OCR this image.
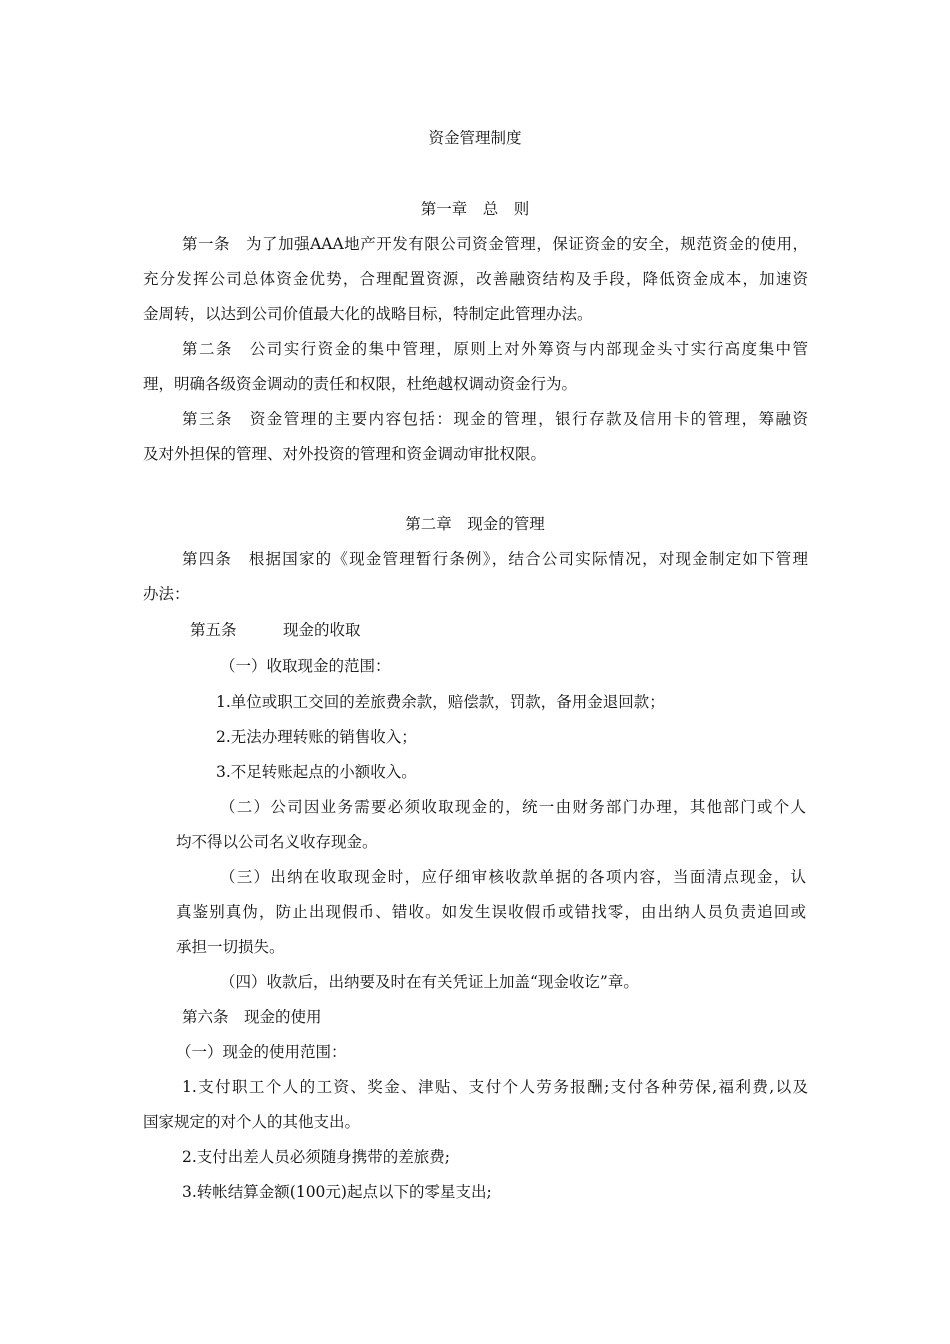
资金管理制度

第一章　总　则

第一条　为了加强AAA地产开发有限公司资金管理，保证资金的安全，规范资金的使用，

充分发挥公司总体资金优势，合理配置资源，改善融资结构及手段，降低资金成本，加速资

金周转，以达到公司价值最大化的战略目标，特制定此管理办法。

第二条　公司实行资金的集中管理，原则上对外筹资与内部现金头寸实行高度集中管

理，明确各级资金调动的责任和权限，杜绝越权调动资金行为。

第三条　资金管理的主要内容包括：现金的管理，银行存款及信用卡的管理，筹融资

及对外担保的管理、对外投资的管理和资金调动审批权限。

第二章　现金的管理

第四条　根据国家的《现金管理暂行条例》，结合公司实际情况，对现金制定如下管理

办法：

第五条　　　现金的收取

（一）收取现金的范围：

1.单位或职工交回的差旅费余款，赔偿款，罚款，备用金退回款；

2.无法办理转账的销售收入；

3.不足转账起点的小额收入。

（二）公司因业务需要必须收取现金的，统一由财务部门办理，其他部门或个人

均不得以公司名义收存现金。

（三）出纳在收取现金时，应仔细审核收款单据的各项内容，当面清点现金，认

真鉴别真伪，防止出现假币、错收。如发生误收假币或错找零，由出纳人员负责追回或

承担一切损失。

（四）收款后，出纳要及时在有关凭证上加盖“现金收讫”章。

第六条　现金的使用

（一）现金的使用范围：

1.支付职工个人的工资、奖金、津贴、支付个人劳务报酬;支付各种劳保,福利费,以及

国家规定的对个人的其他支出。

2.支付出差人员必须随身携带的差旅费;

3.转帐结算金额(100元)起点以下的零星支出;
